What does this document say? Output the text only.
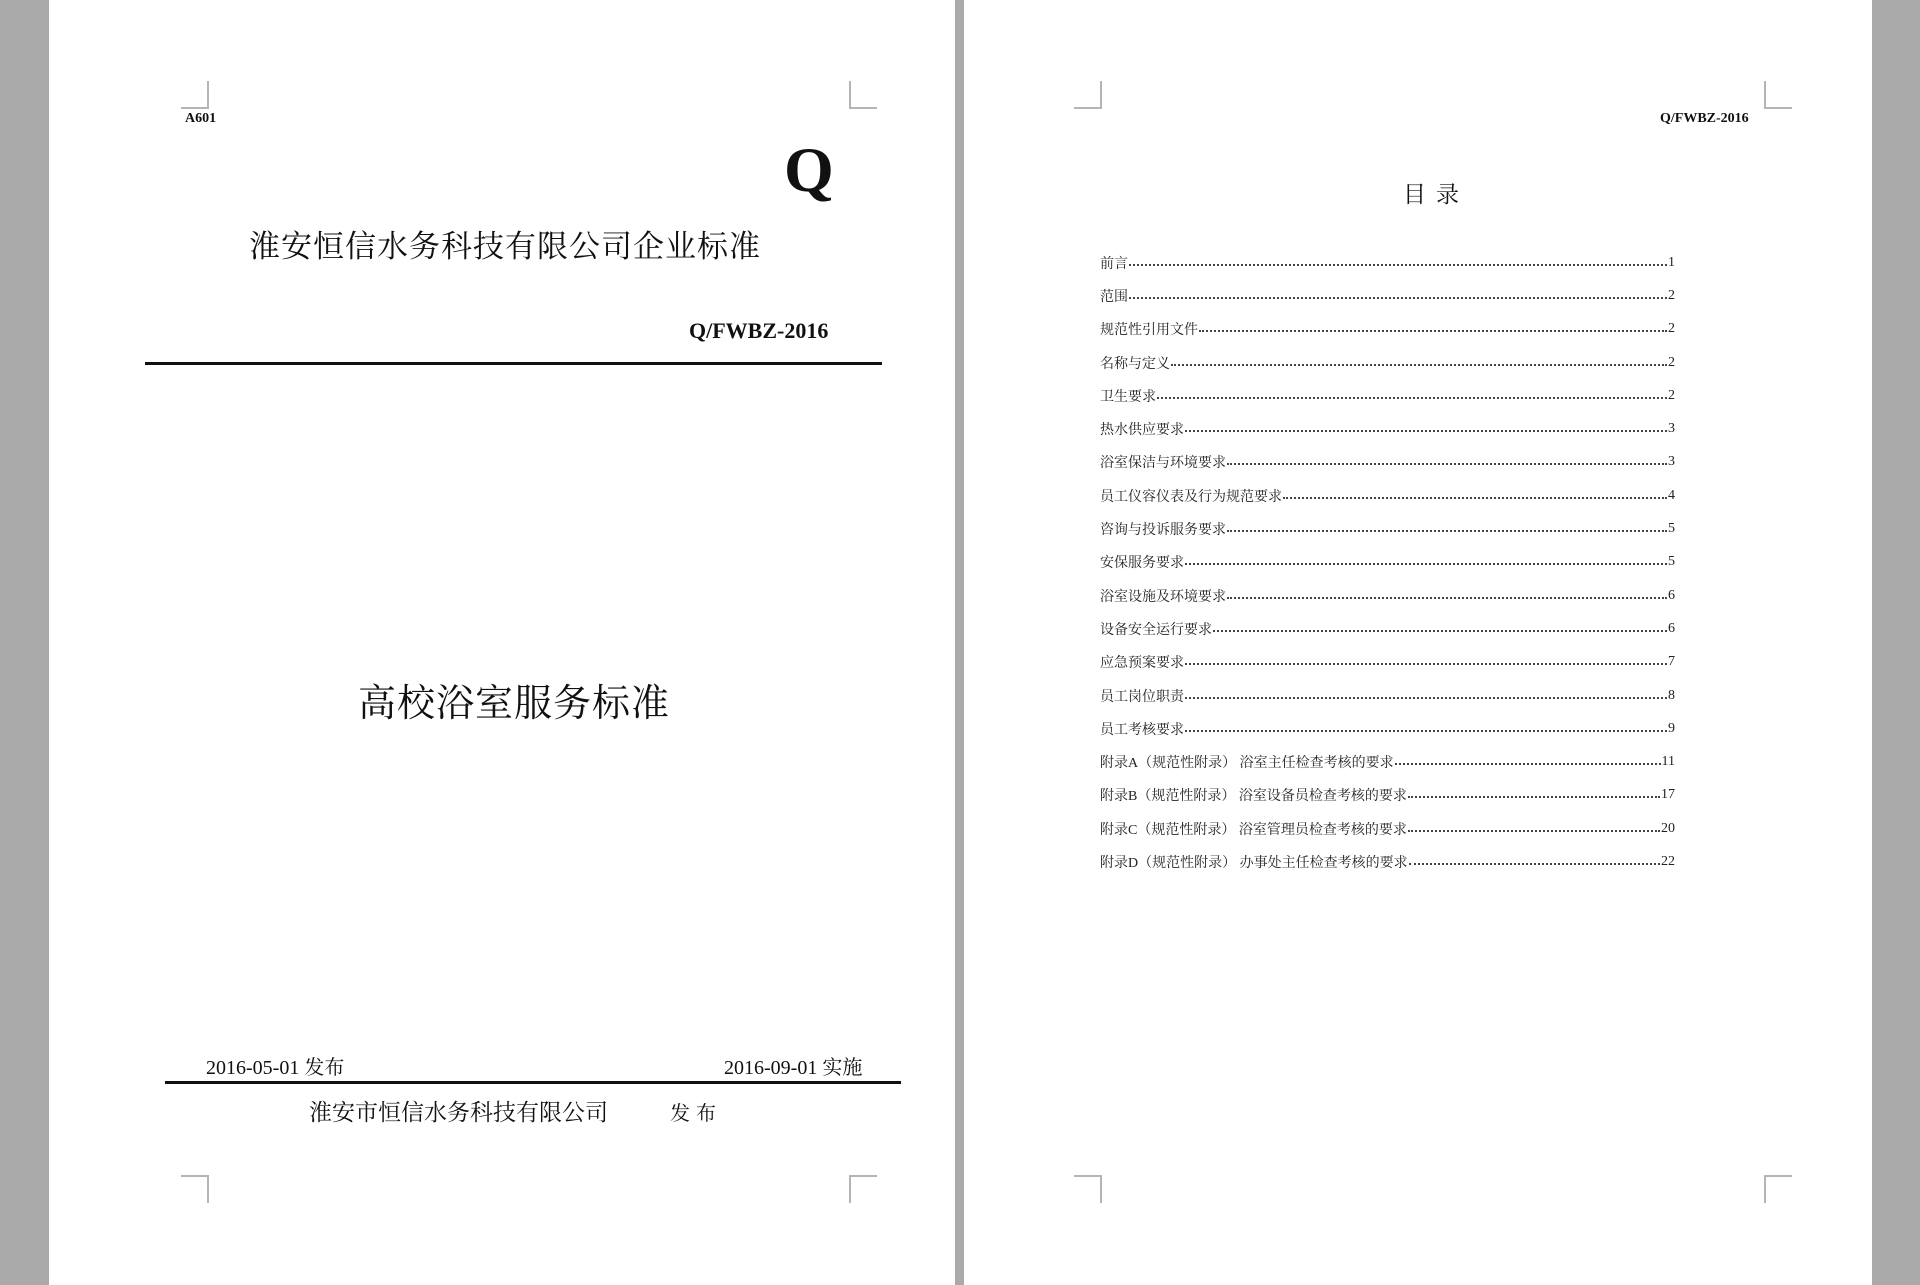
A601
Q
淮安恒信水务科技有限公司企业标准
Q/FWBZ-2016
高校浴室服务标准
2016-05-01 发布	2016-09-01 实施
淮安市恒信水务科技有限公司	发布
Q/FWBZ-2016
目录
前言	1
范围	2
规范性引用文件	2
名称与定义	2
卫生要求	2
热水供应要求	3
浴室保洁与环境要求	3
员工仪容仪表及行为规范要求	4
咨询与投诉服务要求	5
安保服务要求	5
浴室设施及环境要求	6
设备安全运行要求	6
应急预案要求	7
员工岗位职责	8
员工考核要求	9
附录A（规范性附录） 浴室主任检查考核的要求	11
附录B（规范性附录） 浴室设备员检查考核的要求	17
附录C（规范性附录） 浴室管理员检查考核的要求	20
附录D（规范性附录） 办事处主任检查考核的要求	22
